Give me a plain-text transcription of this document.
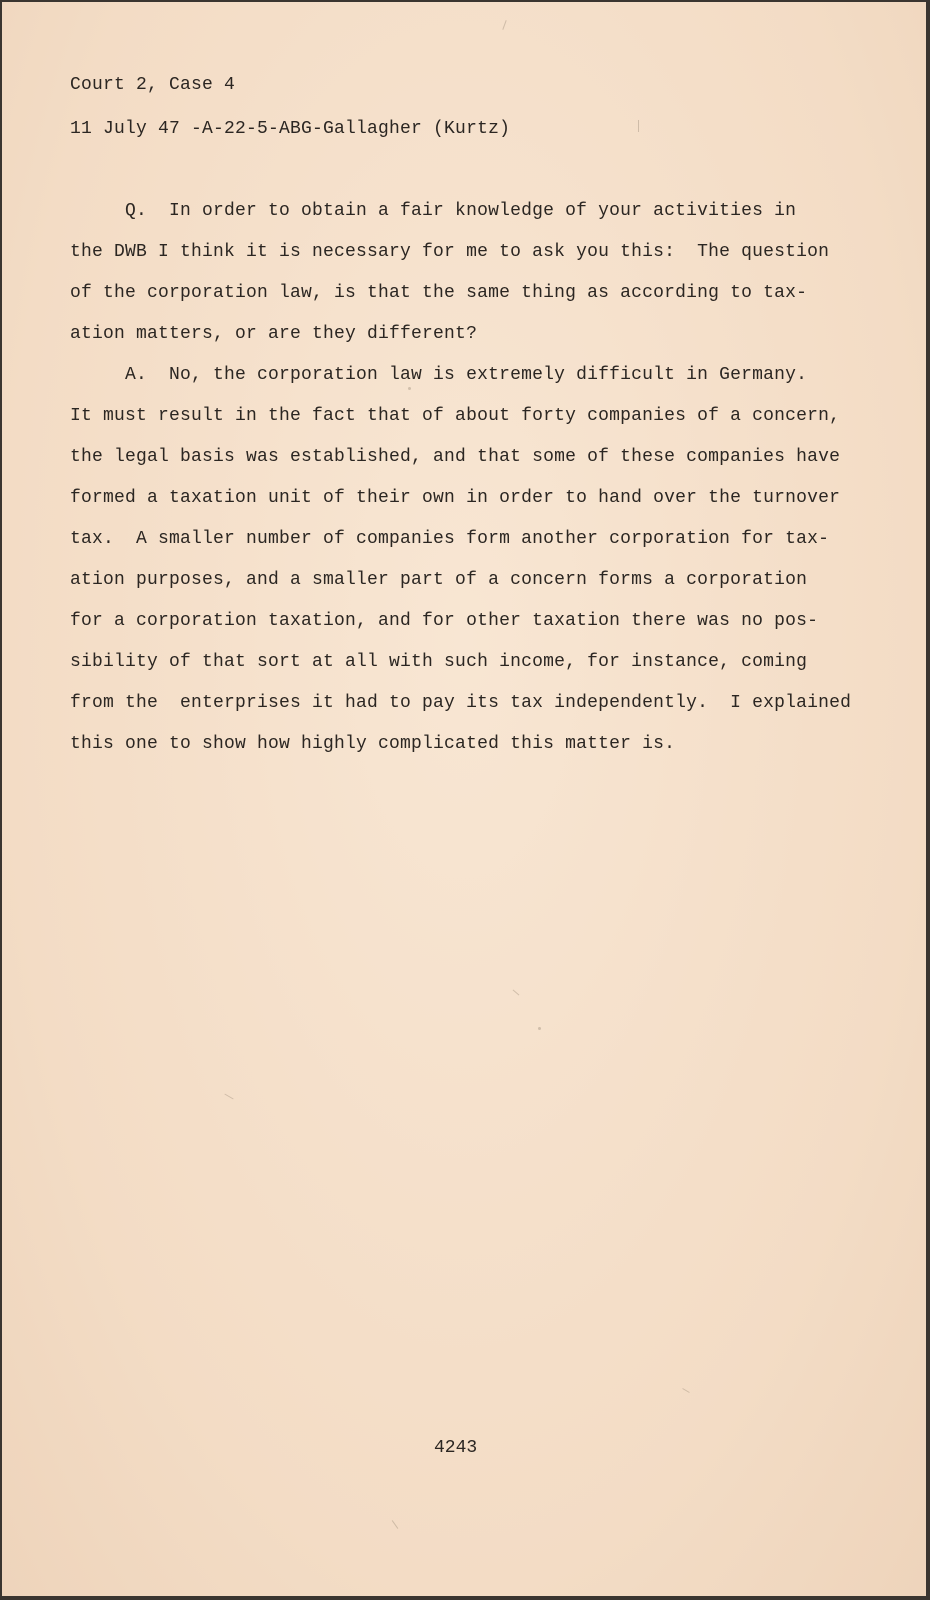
Court 2, Case 4
11 July 47 -A-22-5-ABG-Gallagher (Kurtz)
Q.  In order to obtain a fair knowledge of your activities in
the DWB I think it is necessary for me to ask you this:  The question
of the corporation law, is that the same thing as according to tax-
ation matters, or are they different?
A.  No, the corporation law is extremely difficult in Germany.
It must result in the fact that of about forty companies of a concern,
the legal basis was established, and that some of these companies have
formed a taxation unit of their own in order to hand over the turnover
tax.  A smaller number of companies form another corporation for tax-
ation purposes, and a smaller part of a concern forms a corporation
for a corporation taxation, and for other taxation there was no pos-
sibility of that sort at all with such income, for instance, coming
from the  enterprises it had to pay its tax independently.  I explained
this one to show how highly complicated this matter is.
4243
